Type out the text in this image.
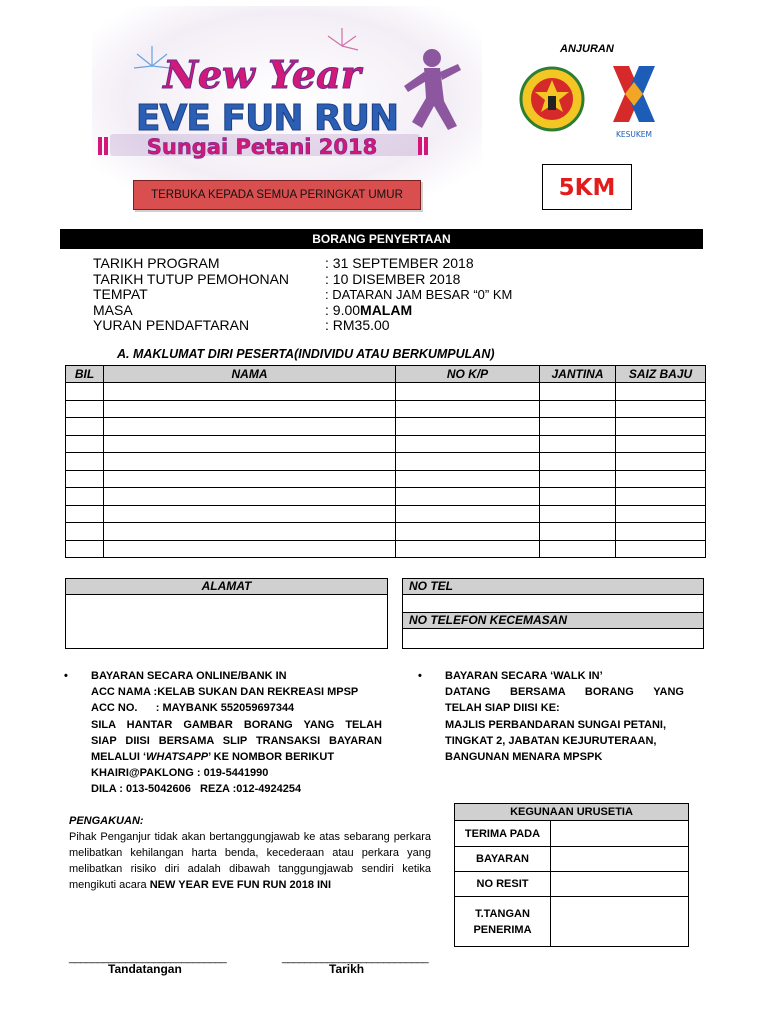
New Year
EVE FUN RUN
Sungai Petani 2018
TERBUKA KEPADA SEMUA PERINGKAT UMUR
ANJURAN
KESUKEM
5KM
BORANG PENYERTAAN
TARIKH PROGRAM	: 31 SEPTEMBER 2018
TARIKH TUTUP PEMOHONAN	: 10 DISEMBER 2018
TEMPAT	: DATARAN JAM BESAR “0” KM
MASA	: 9.00MALAM
YURAN PENDAFTARAN	: RM35.00
A. MAKLUMAT DIRI PESERTA(INDIVIDU ATAU BERKUMPULAN)
BIL	NAMA	NO K/P	JANTINA	SAIZ BAJU

ALAMAT	NO TEL
NO TELEFON KECEMASAN
• BAYARAN SECARA ONLINE/BANK IN
ACC NAMA :KELAB SUKAN DAN REKREASI MPSP
ACC NO.      : MAYBANK 552059697344
SILA HANTAR GAMBAR BORANG YANG TELAH
SIAP DIISI BERSAMA SLIP TRANSAKSI BAYARAN
MELALUI ‘WHATSAPP’ KE NOMBOR BERIKUT
KHAIRI@PAKLONG : 019-5441990
DILA : 013-5042606   REZA :012-4924254
• BAYARAN SECARA ‘WALK IN’
DATANG BERSAMA BORANG YANG
TELAH SIAP DIISI KE:
MAJLIS PERBANDARAN SUNGAI PETANI,
TINGKAT 2, JABATAN KEJURUTERAAN,
BANGUNAN MENARA MPSPK
PENGAKUAN:
Pihak Penganjur tidak akan bertanggungjawab ke atas sebarang perkara melibatkan kehilangan harta benda, kecederaan atau perkara yang melibatkan risiko diri adalah dibawah tanggungjawab sendiri ketika mengikuti acara NEW YEAR EVE FUN RUN 2018 INI
KEGUNAAN URUSETIA	
TERIMA PADA	
BAYARAN	
NO RESIT	
T.TANGAN PENERIMA	
____________________________	__________________________
Tandatangan	Tarikh
